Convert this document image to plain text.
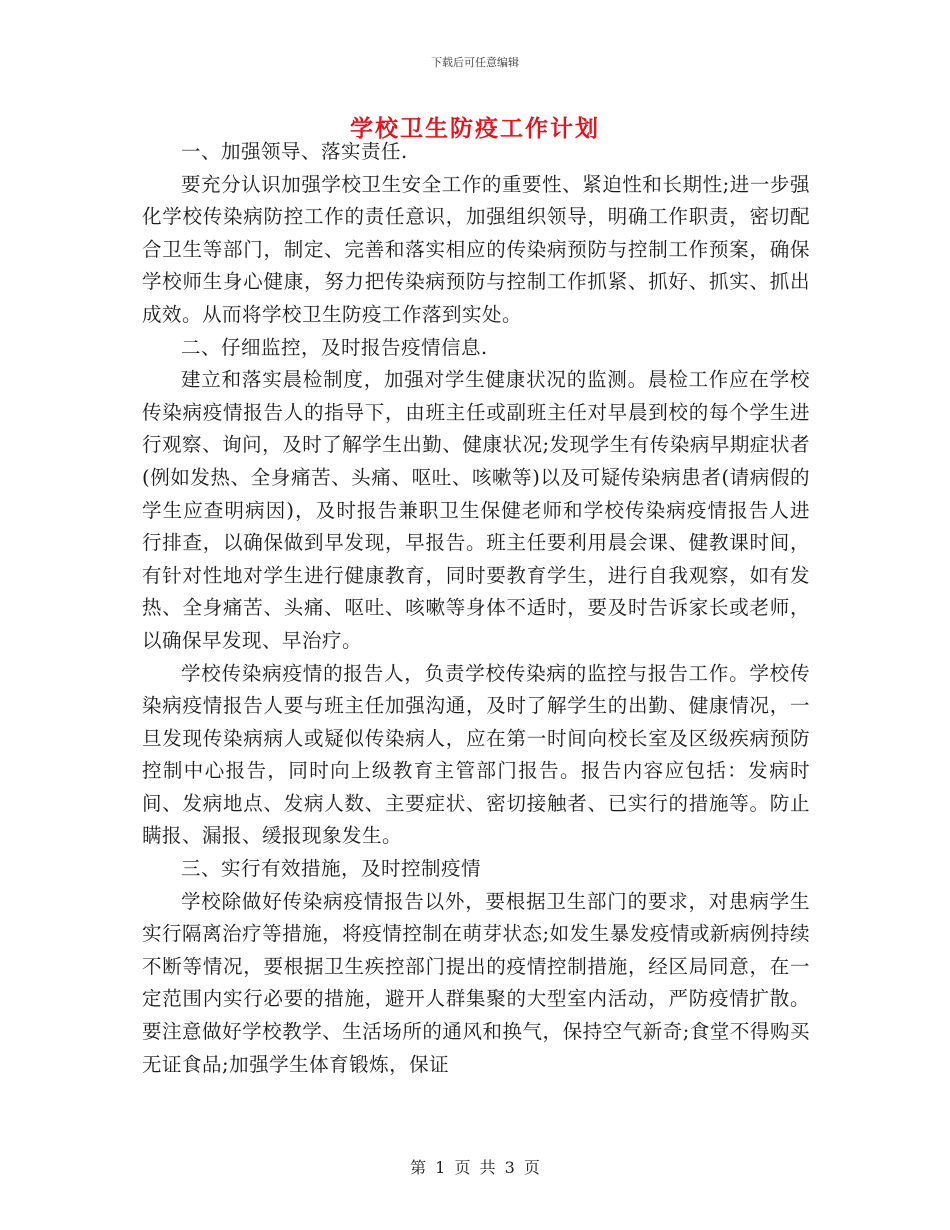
下载后可任意编辑
学校卫生防疫工作计划

一、加强领导、落实责任.

要充分认识加强学校卫生安全工作的重要性、紧迫性和长期性;进一步强化学校传染病防控工作的责任意识，加强组织领导，明确工作职责，密切配合卫生等部门，制定、完善和落实相应的传染病预防与控制工作预案，确保学校师生身心健康，努力把传染病预防与控制工作抓紧、抓好、抓实、抓出成效。从而将学校卫生防疫工作落到实处。

二、仔细监控，及时报告疫情信息.

建立和落实晨检制度，加强对学生健康状况的监测。晨检工作应在学校传染病疫情报告人的指导下，由班主任或副班主任对早晨到校的每个学生进行观察、询问，及时了解学生出勤、健康状况;发现学生有传染病早期症状者(例如发热、全身痛苦、头痛、呕吐、咳嗽等)以及可疑传染病患者(请病假的学生应查明病因)，及时报告兼职卫生保健老师和学校传染病疫情报告人进行排查，以确保做到早发现，早报告。班主任要利用晨会课、健教课时间，有针对性地对学生进行健康教育，同时要教育学生，进行自我观察，如有发热、全身痛苦、头痛、呕吐、咳嗽等身体不适时，要及时告诉家长或老师，以确保早发现、早治疗。

学校传染病疫情的报告人，负责学校传染病的监控与报告工作。学校传染病疫情报告人要与班主任加强沟通，及时了解学生的出勤、健康情况，一旦发现传染病病人或疑似传染病人，应在第一时间向校长室及区级疾病预防控制中心报告，同时向上级教育主管部门报告。报告内容应包括：发病时间、发病地点、发病人数、主要症状、密切接触者、已实行的措施等。防止瞒报、漏报、缓报现象发生。

三、实行有效措施，及时控制疫情

学校除做好传染病疫情报告以外，要根据卫生部门的要求，对患病学生实行隔离治疗等措施，将疫情控制在萌芽状态;如发生暴发疫情或新病例持续不断等情况，要根据卫生疾控部门提出的疫情控制措施，经区局同意，在一定范围内实行必要的措施，避开人群集聚的大型室内活动，严防疫情扩散。要注意做好学校教学、生活场所的通风和换气，保持空气新奇;食堂不得购买无证食品;加强学生体育锻炼，保证

第 1 页 共 3 页
